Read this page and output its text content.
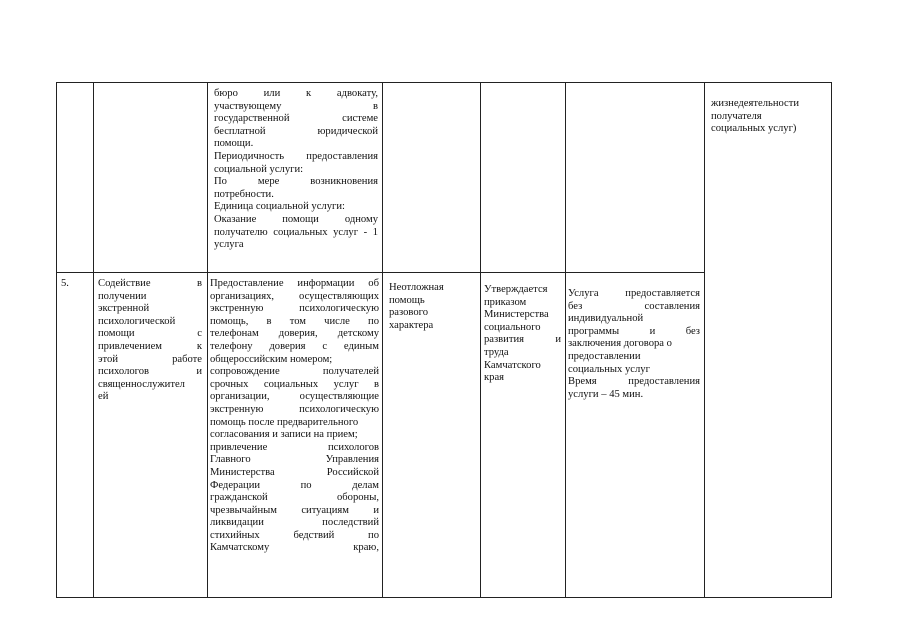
бюро или к адвокату,
участвующему в
государственной системе
бесплатной юридической
помощи.
Периодичность предоставления
социальной услуги:
По мере возникновения
потребности.
Единица социальной услуги:
Оказание помощи одному
получателю социальных услуг - 1
услуга
жизнедеятельности
получателя
социальных услуг)
5.	Содействие в
получении
экстренной
психологической
помощи с
привлечением к
этой работе
психологов и
священнослужител
ей
Предоставление информации об
организациях, осуществляющих
экстренную психологическую
помощь, в том числе по
телефонам доверия, детскому
телефону доверия с единым
общероссийским номером;
сопровождение получателей
срочных социальных услуг в
организации, осуществляющие
экстренную психологическую
помощь после предварительного
согласования и записи на прием;
привлечение психологов
Главного Управления
Министерства Российской
Федерации по делам
гражданской обороны,
чрезвычайным ситуациям и
ликвидации последствий
стихийных бедствий по
Камчатскому краю,
Неотложная
помощь
разового
характера
Утверждается
приказом
Министерства
социального
развития и
труда
Камчатского
края
Услуга предоставляется
без составления
индивидуальной
программы и без
заключения договора о
предоставлении
социальных услуг
Время предоставления
услуги – 45 мин.
